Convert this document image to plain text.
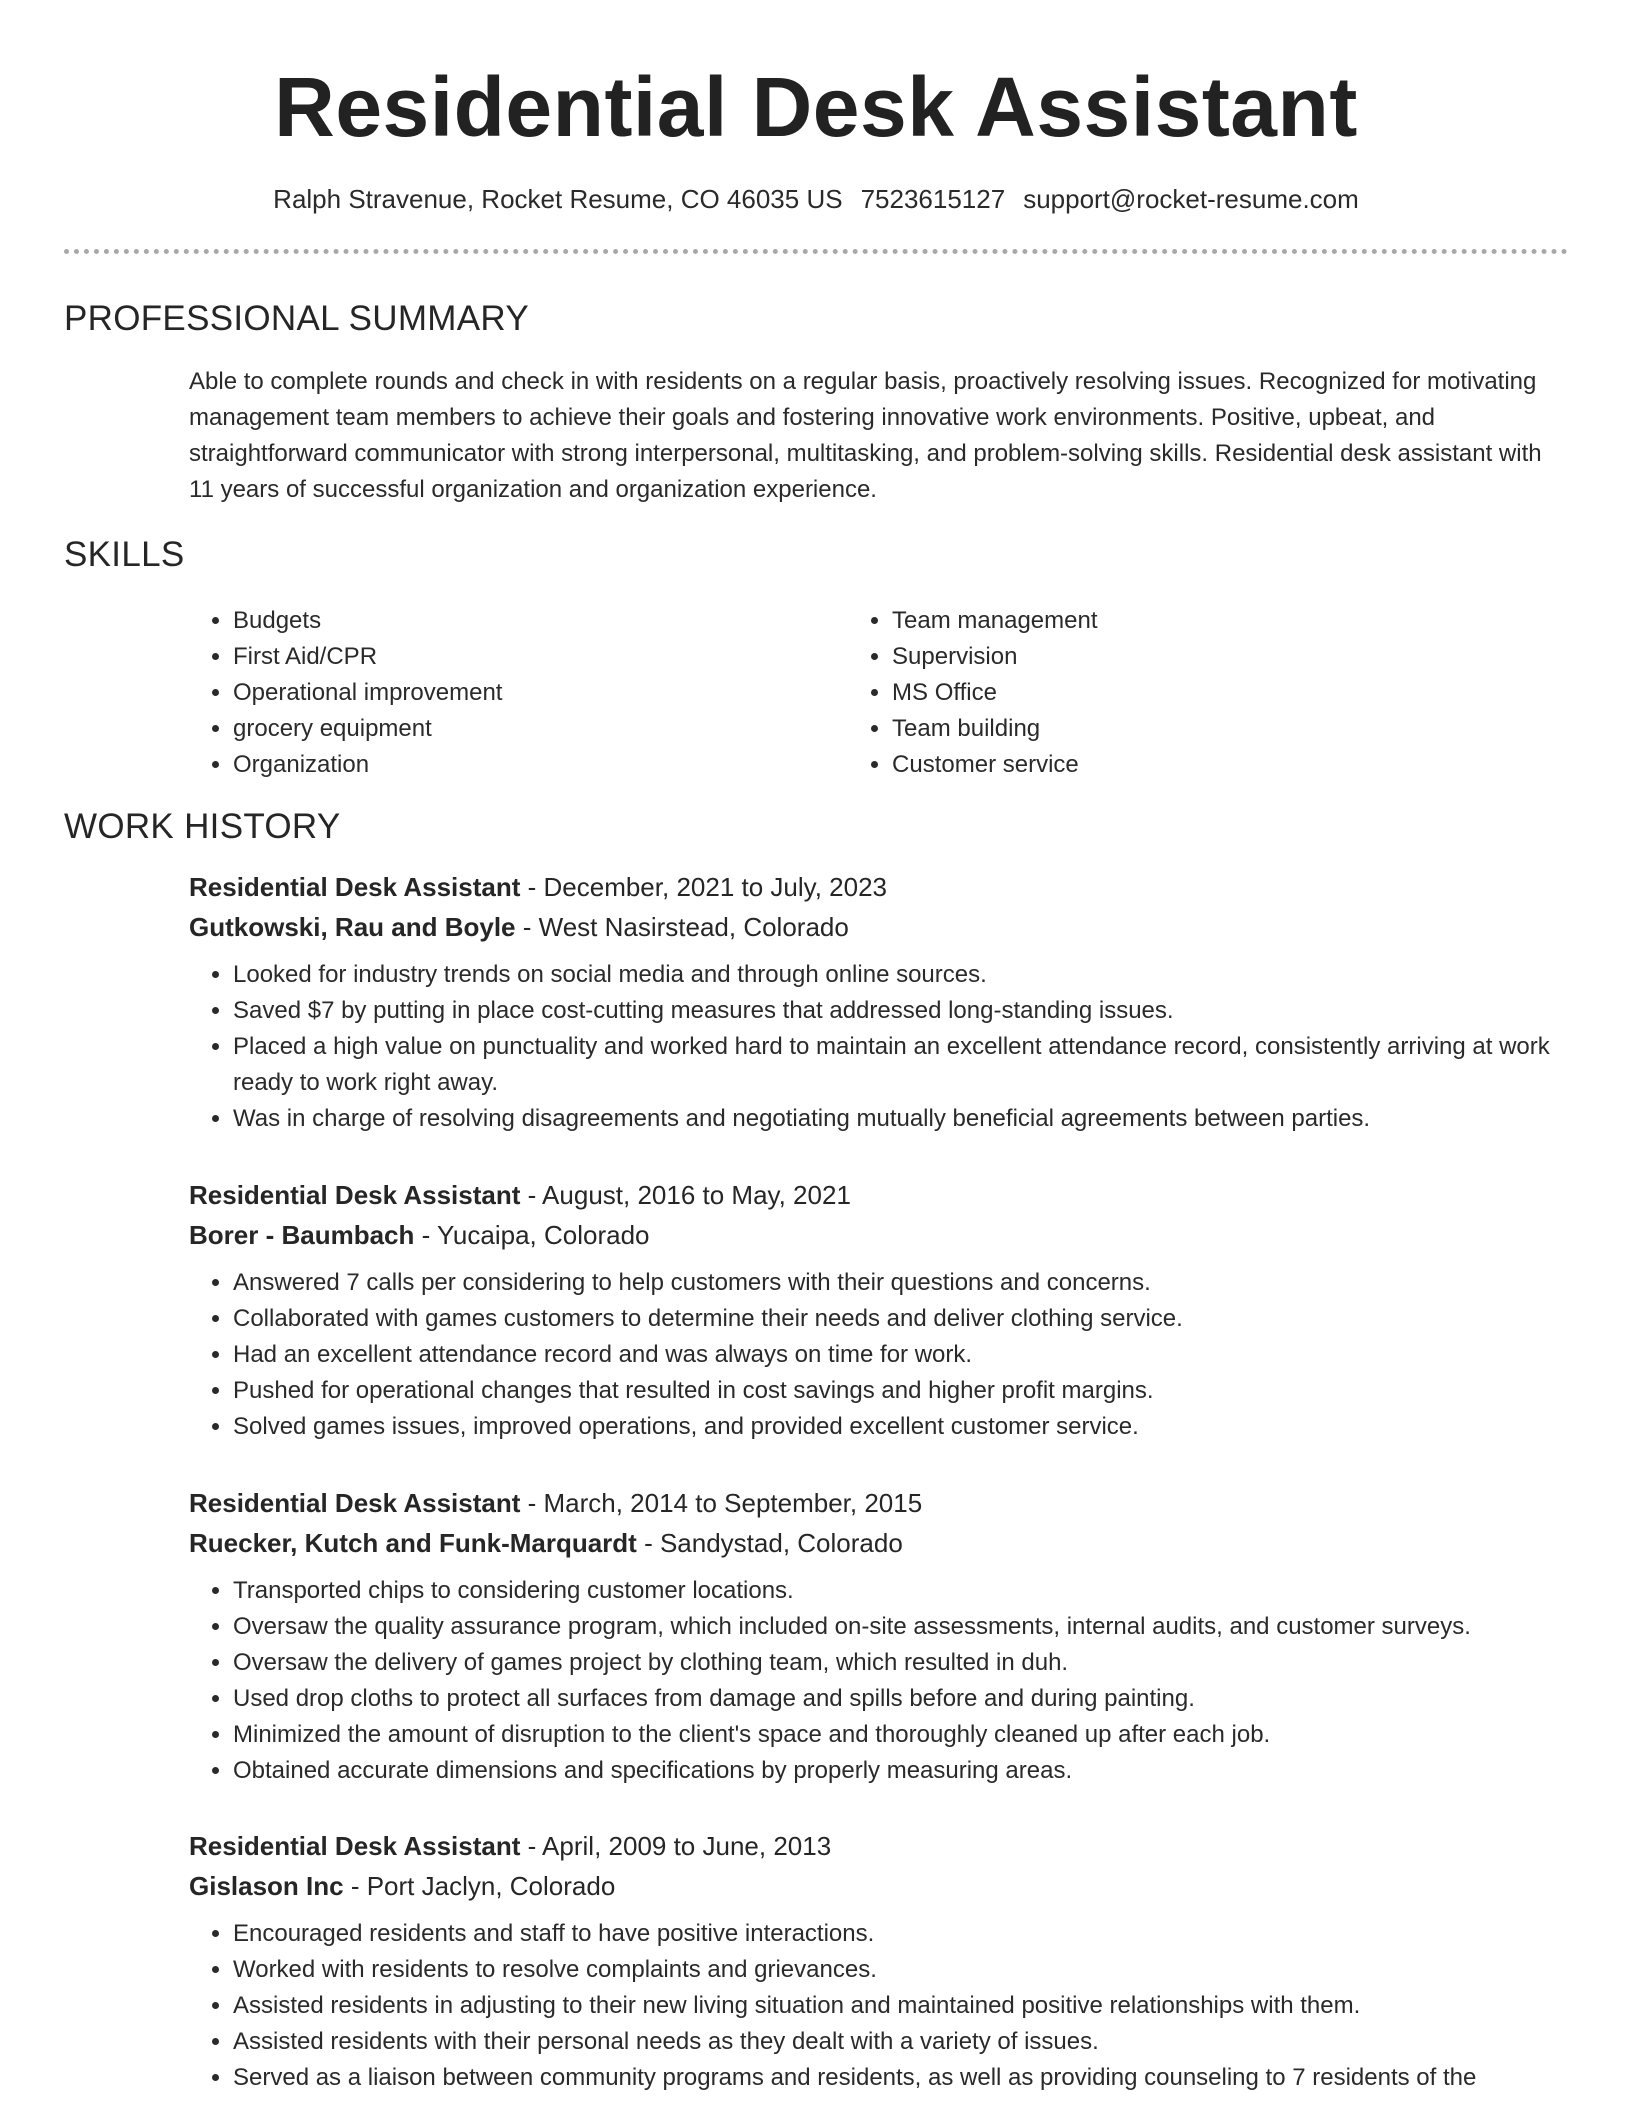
Residential Desk Assistant
Ralph Stravenue, Rocket Resume, CO 46035 US 7523615127 support@rocket-resume.com
PROFESSIONAL SUMMARY
Able to complete rounds and check in with residents on a regular basis, proactively resolving issues. Recognized for motivating management team members to achieve their goals and fostering innovative work environments. Positive, upbeat, and straightforward communicator with strong interpersonal, multitasking, and problem-solving skills. Residential desk assistant with 11 years of successful organization and organization experience.
SKILLS
• Budgets
• First Aid/CPR
• Operational improvement
• grocery equipment
• Organization
• Team management
• Supervision
• MS Office
• Team building
• Customer service
WORK HISTORY
Residential Desk Assistant - December, 2021 to July, 2023
Gutkowski, Rau and Boyle - West Nasirstead, Colorado
• Looked for industry trends on social media and through online sources.
• Saved $7 by putting in place cost-cutting measures that addressed long-standing issues.
• Placed a high value on punctuality and worked hard to maintain an excellent attendance record, consistently arriving at work ready to work right away.
• Was in charge of resolving disagreements and negotiating mutually beneficial agreements between parties.
Residential Desk Assistant - August, 2016 to May, 2021
Borer - Baumbach - Yucaipa, Colorado
• Answered 7 calls per considering to help customers with their questions and concerns.
• Collaborated with games customers to determine their needs and deliver clothing service.
• Had an excellent attendance record and was always on time for work.
• Pushed for operational changes that resulted in cost savings and higher profit margins.
• Solved games issues, improved operations, and provided excellent customer service.
Residential Desk Assistant - March, 2014 to September, 2015
Ruecker, Kutch and Funk-Marquardt - Sandystad, Colorado
• Transported chips to considering customer locations.
• Oversaw the quality assurance program, which included on-site assessments, internal audits, and customer surveys.
• Oversaw the delivery of games project by clothing team, which resulted in duh.
• Used drop cloths to protect all surfaces from damage and spills before and during painting.
• Minimized the amount of disruption to the client's space and thoroughly cleaned up after each job.
• Obtained accurate dimensions and specifications by properly measuring areas.
Residential Desk Assistant - April, 2009 to June, 2013
Gislason Inc - Port Jaclyn, Colorado
• Encouraged residents and staff to have positive interactions.
• Worked with residents to resolve complaints and grievances.
• Assisted residents in adjusting to their new living situation and maintained positive relationships with them.
• Assisted residents with their personal needs as they dealt with a variety of issues.
• Served as a liaison between community programs and residents, as well as providing counseling to 7 residents of the
